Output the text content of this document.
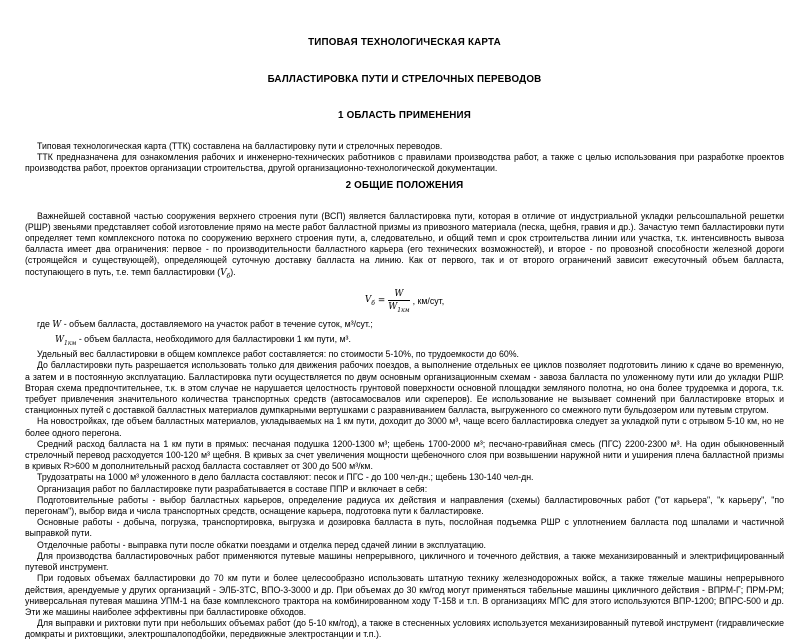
ТИПОВАЯ ТЕХНОЛОГИЧЕСКАЯ КАРТА
БАЛЛАСТИРОВКА ПУТИ И СТРЕЛОЧНЫХ ПЕРЕВОДОВ
1 ОБЛАСТЬ ПРИМЕНЕНИЯ

Типовая технологическая карта (ТТК) составлена на балластировку пути и стрелочных переводов.

ТТК предназначена для ознакомления рабочих и инженерно-технических работников с правилами производства работ, а также с целью использования при разработке проектов производства работ, проектов организации строительства, другой организационно-технологической документации.

2 ОБЩИЕ ПОЛОЖЕНИЯ

Важнейшей составной частью сооружения верхнего строения пути (ВСП) является балластировка пути, которая в отличие от индустриальной укладки рельсошпальной решетки (РШР) звеньями представляет собой изготовление прямо на месте работ балластной призмы из привозного материала (песка, щебня, гравия и др.). Зачастую темп балластировки пути определяет темп комплексного потока по сооружению верхнего строения пути, а, следовательно, и общий темп и срок строительства линии или участка, т.к. интенсивность вывоза балласта имеет два ограничения: первое - по производительности балластного карьера (его технических возможностей), и второе - по провозной способности железной дороги (строящейся и существующей), определяющей суточную доставку балласта на линию. Как от первого, так и от второго ограничений зависит ежесуточный объем балласта, поступающего в путь, т.е. темп балластировки $(V_б)$.

$V_б = \frac{W}{W_{1км}}$ , км/сут,

где W - объем балласта, доставляемого на участок работ в течение суток, м³/сут.;

$W_{1км}$ - объем балласта, необходимого для балластировки 1 км пути, м³.

Удельный вес балластировки в общем комплексе работ составляется: по стоимости 5-10%, по трудоемкости до 60%.

До балластировки путь разрешается использовать только для движения рабочих поездов, а выполнение отдельных ее циклов позволяет подготовить линию к сдаче во временную, а затем и в постоянную эксплуатацию. Балластировка пути осуществляется по двум основным организационным схемам - завоза балласта по уложенному пути или до укладки РШР. Вторая схема предпочтительнее, т.к. в этом случае не нарушается целостность грунтовой поверхности основной площадки земляного полотна, но она более трудоемка и дорога, т.к. требует привлечения значительного количества транспортных средств (автосамосвалов или скреперов). Ее использование не вызывает сомнений при балластировке вторых и станционных путей с доставкой балластных материалов думпкарными вертушками с разравниванием балласта, выгруженного со смежного пути бульдозером или путевым стругом.

На новостройках, где объем балластных материалов, укладываемых на 1 км пути, доходит до 3000 м³, чаще всего балластировка следует за укладкой пути с отрывом 5-10 км, но не более одного перегона.

Средний расход балласта на 1 км пути в прямых: песчаная подушка 1200-1300 м³; щебень 1700-2000 м³; песчано-гравийная смесь (ПГС) 2200-2300 м³. На один обыкновенный стрелочный перевод расходуется 100-120 м³ щебня. В кривых за счет увеличения мощности щебеночного слоя при возвышении наружной нити и уширения плеча балластной призмы в кривых R>600 м дополнительный расход балласта составляет от 300 до 500 м³/км.

Трудозатраты на 1000 м³ уложенного в дело балласта составляют: песок и ПГС - до 100 чел-дн.; щебень 130-140 чел-дн.

Организация работ по балластировке пути разрабатывается в составе ППР и включает в себя:

Подготовительные работы - выбор балластных карьеров, определение радиуса их действия и направления (схемы) балластировочных работ ("от карьера", "к карьеру", "по перегонам"), выбор вида и числа транспортных средств, оснащение карьера, подготовка пути к балластировке.

Основные работы - добыча, погрузка, транспортировка, выгрузка и дозировка балласта в путь, послойная подъемка РШР с уплотнением балласта под шпалами и частичной выправкой пути.

Отделочные работы - выправка пути после обкатки поездами и отделка перед сдачей линии в эксплуатацию.

Для производства балластировочных работ применяются путевые машины непрерывного, цикличного и точечного действия, а также механизированный и электрифицированный путевой инструмент.

При годовых объемах балластировки до 70 км пути и более целесообразно использовать штатную технику железнодорожных войск, а также тяжелые машины непрерывного действия, арендуемые у других организаций - ЭЛБ-3ТС, ВПО-3-3000 и др. При объемах до 30 км/год могут применяться табельные машины цикличного действия - ВПРМ-Г; ПРМ-РМ; универсальная путевая машина УПМ-1 на базе комплексного трактора на комбинированном ходу Т-158 и т.п. В организациях МПС для этого используются ВПР-1200; ВПРС-500 и др. Эти же машины наиболее эффективны при балластировке обходов.

Для выправки и рихтовки пути при небольших объемах работ (до 5-10 км/год), а также в стесненных условиях используется механизированный путевой инструмент (гидравлические домкраты и рихтовщики, электрошпалоподбойки, передвижные электростанции и т.п.).
